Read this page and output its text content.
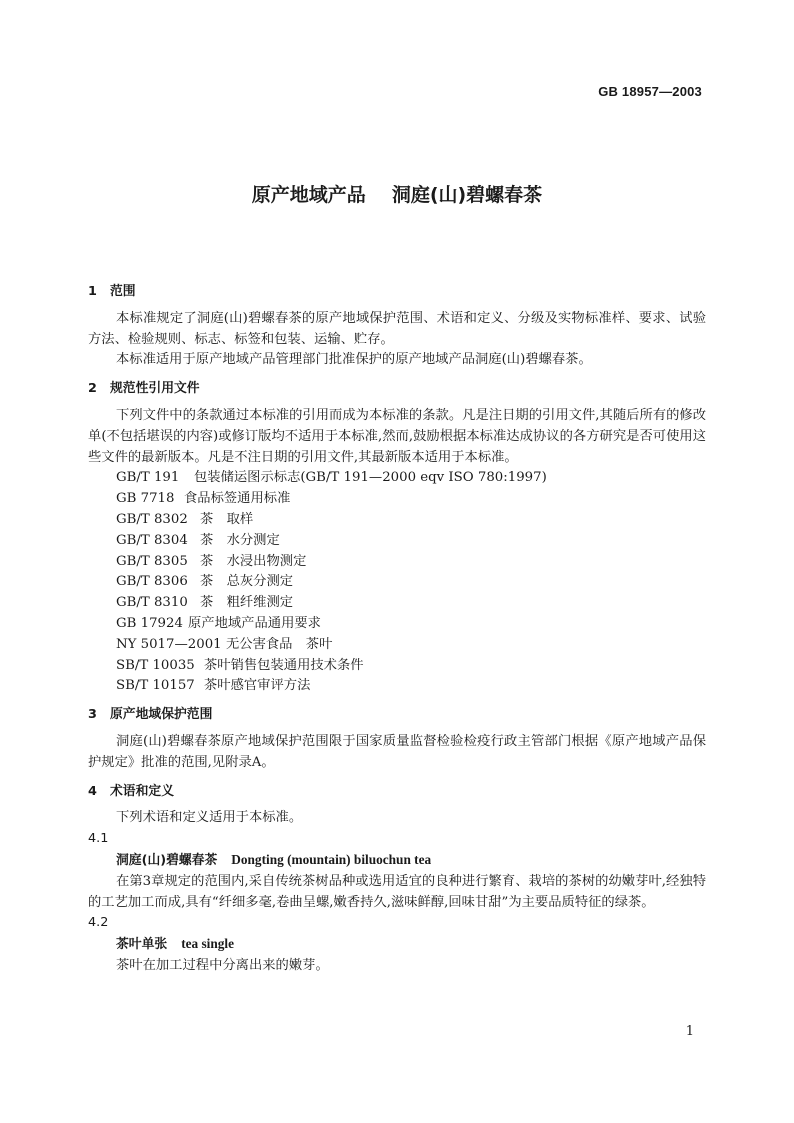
GB 18957—2003
原产地域产品 洞庭(山)碧螺春茶
1 范围
本标准规定了洞庭(山)碧螺春茶的原产地域保护范围、术语和定义、分级及实物标准样、要求、试验方法、检验规则、标志、标签和包装、运输、贮存。
本标准适用于原产地域产品管理部门批准保护的原产地域产品洞庭(山)碧螺春茶。
2 规范性引用文件
下列文件中的条款通过本标准的引用而成为本标准的条款。凡是注日期的引用文件,其随后所有的修改单(不包括堪误的内容)或修订版均不适用于本标准,然而,鼓励根据本标准达成协议的各方研究是否可使用这些文件的最新版本。凡是不注日期的引用文件,其最新版本适用于本标准。
GB/T 191 包装储运图示标志(GB/T 191—2000 eqv ISO 780:1997)
GB 7718 食品标签通用标准
GB/T 8302 茶　取样
GB/T 8304 茶　水分测定
GB/T 8305 茶　水浸出物测定
GB/T 8306 茶　总灰分测定
GB/T 8310 茶　粗纤维测定
GB 17924 原产地域产品通用要求
NY 5017—2001 无公害食品　茶叶
SB/T 10035 茶叶销售包装通用技术条件
SB/T 10157 茶叶感官审评方法
3 原产地域保护范围
洞庭(山)碧螺春茶原产地域保护范围限于国家质量监督检验检疫行政主管部门根据《原产地域产品保护规定》批准的范围,见附录A。
4 术语和定义
下列术语和定义适用于本标准。
4.1
洞庭(山)碧螺春茶 Dongting (mountain) biluochun tea
在第3章规定的范围内,采自传统茶树品种或选用适宜的良种进行繁育、栽培的茶树的幼嫩芽叶,经独特的工艺加工而成,具有“纤细多毫,卷曲呈螺,嫩香持久,滋味鲜醇,回味甘甜”为主要品质特征的绿茶。
4.2
茶叶单张 tea single
茶叶在加工过程中分离出来的嫩芽。
1
